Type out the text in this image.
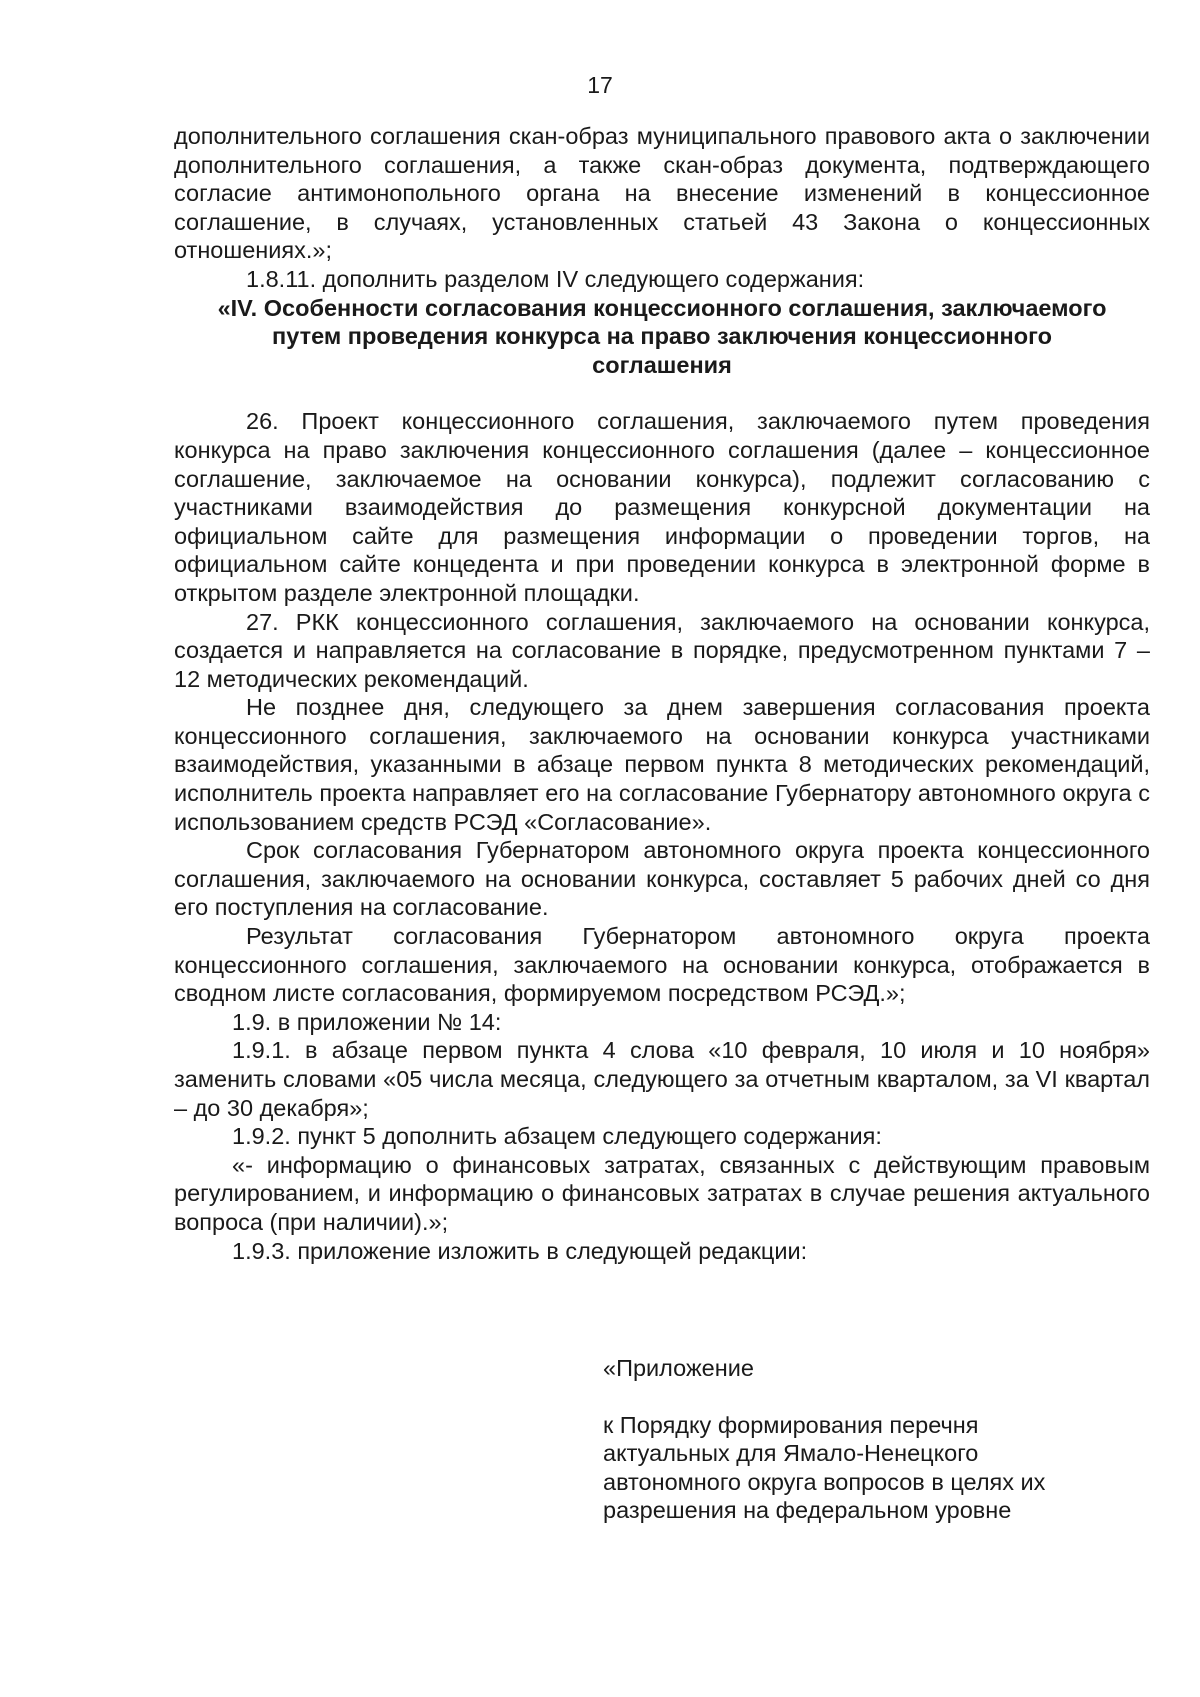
17

дополнительного соглашения скан-образ муниципального правового акта о заключении дополнительного соглашения, а также скан-образ документа, подтверждающего согласие антимонопольного органа на внесение изменений в концессионное соглашение, в случаях, установленных статьей 43 Закона о концессионных отношениях.»;

1.8.11. дополнить разделом IV следующего содержания:

«IV. Особенности согласования концессионного соглашения, заключаемого путем проведения конкурса на право заключения концессионного соглашения

26. Проект концессионного соглашения, заключаемого путем проведения конкурса на право заключения концессионного соглашения (далее – концессионное соглашение, заключаемое на основании конкурса), подлежит согласованию с участниками взаимодействия до размещения конкурсной документации на официальном сайте для размещения информации о проведении торгов, на официальном сайте концедента и при проведении конкурса в электронной форме в открытом разделе электронной площадки.

27. РКК концессионного соглашения, заключаемого на основании конкурса, создается и направляется на согласование в порядке, предусмотренном пунктами 7 – 12 методических рекомендаций.

Не позднее дня, следующего за днем завершения согласования проекта концессионного соглашения, заключаемого на основании конкурса участниками взаимодействия, указанными в абзаце первом пункта 8 методических рекомендаций, исполнитель проекта направляет его на согласование Губернатору автономного округа с использованием средств РСЭД «Согласование».

Срок согласования Губернатором автономного округа проекта концессионного соглашения, заключаемого на основании конкурса, составляет 5 рабочих дней со дня его поступления на согласование.

Результат согласования Губернатором автономного округа проекта концессионного соглашения, заключаемого на основании конкурса, отображается в сводном листе согласования, формируемом посредством РСЭД.»;

1.9. в приложении № 14:

1.9.1. в абзаце первом пункта 4 слова «10 февраля, 10 июля и 10 ноября» заменить словами «05 числа месяца, следующего за отчетным кварталом, за VI квартал – до 30 декабря»;

1.9.2. пункт 5 дополнить абзацем следующего содержания:

«- информацию о финансовых затратах, связанных с действующим правовым регулированием, и информацию о финансовых затратах в случае решения актуального вопроса (при наличии).»;

1.9.3. приложение изложить в следующей редакции:

«Приложение

к Порядку формирования перечня

актуальных для Ямало-Ненецкого

автономного округа вопросов в целях их

разрешения на федеральном уровне
